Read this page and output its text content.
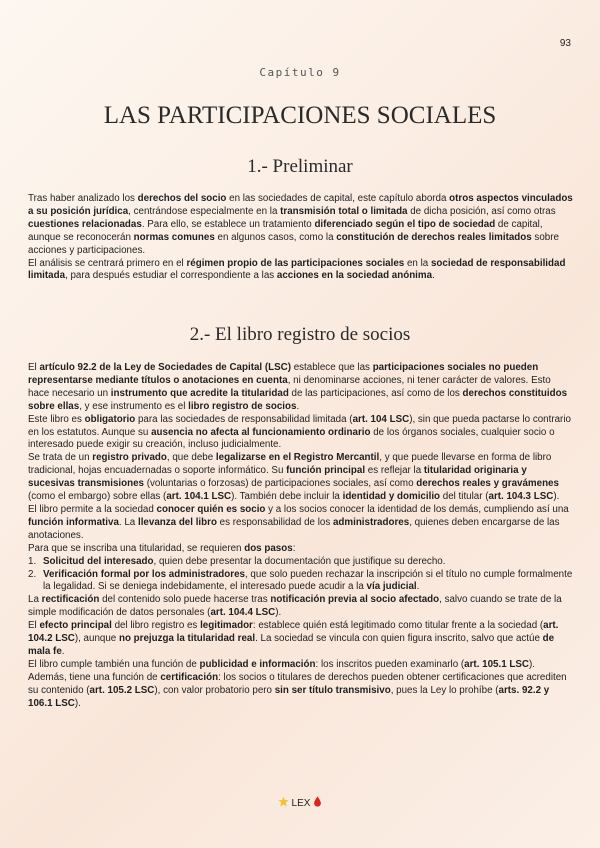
93
Capítulo 9
LAS PARTICIPACIONES SOCIALES
1.- Preliminar

Tras haber analizado los derechos del socio en las sociedades de capital, este capítulo aborda otros aspectos vinculados a su posición jurídica, centrándose especialmente en la transmisión total o limitada de dicha posición, así como otras cuestiones relacionadas. Para ello, se establece un tratamiento diferenciado según el tipo de sociedad de capital, aunque se reconocerán normas comunes en algunos casos, como la constitución de derechos reales limitados sobre acciones y participaciones.

El análisis se centrará primero en el régimen propio de las participaciones sociales en la sociedad de responsabilidad limitada, para después estudiar el correspondiente a las acciones en la sociedad anónima.

2.- El libro registro de socios

El artículo 92.2 de la Ley de Sociedades de Capital (LSC) establece que las participaciones sociales no pueden representarse mediante títulos o anotaciones en cuenta, ni denominarse acciones, ni tener carácter de valores. Esto hace necesario un instrumento que acredite la titularidad de las participaciones, así como de los derechos constituidos sobre ellas, y ese instrumento es el libro registro de socios.

Este libro es obligatorio para las sociedades de responsabilidad limitada (art. 104 LSC), sin que pueda pactarse lo contrario en los estatutos. Aunque su ausencia no afecta al funcionamiento ordinario de los órganos sociales, cualquier socio o interesado puede exigir su creación, incluso judicialmente.

Se trata de un registro privado, que debe legalizarse en el Registro Mercantil, y que puede llevarse en forma de libro tradicional, hojas encuadernadas o soporte informático. Su función principal es reflejar la titularidad originaria y sucesivas transmisiones (voluntarias o forzosas) de participaciones sociales, así como derechos reales y gravámenes (como el embargo) sobre ellas (art. 104.1 LSC). También debe incluir la identidad y domicilio del titular (art. 104.3 LSC).

El libro permite a la sociedad conocer quién es socio y a los socios conocer la identidad de los demás, cumpliendo así una función informativa. La llevanza del libro es responsabilidad de los administradores, quienes deben encargarse de las anotaciones.

Para que se inscriba una titularidad, se requieren dos pasos:

1. Solicitud del interesado, quien debe presentar la documentación que justifique su derecho.
2. Verificación formal por los administradores, que solo pueden rechazar la inscripción si el título no cumple formalmente la legalidad. Si se deniega indebidamente, el interesado puede acudir a la vía judicial.

La rectificación del contenido solo puede hacerse tras notificación previa al socio afectado, salvo cuando se trate de la simple modificación de datos personales (art. 104.4 LSC).

El efecto principal del libro registro es legitimador: establece quién está legitimado como titular frente a la sociedad (art. 104.2 LSC), aunque no prejuzga la titularidad real. La sociedad se vincula con quien figura inscrito, salvo que actúe de mala fe.

El libro cumple también una función de publicidad e información: los inscritos pueden examinarlo (art. 105.1 LSC). Además, tiene una función de certificación: los socios o titulares de derechos pueden obtener certificaciones que acrediten su contenido (art. 105.2 LSC), con valor probatorio pero sin ser título transmisivo, pues la Ley lo prohíbe (arts. 92.2 y 106.1 LSC).

LEX
